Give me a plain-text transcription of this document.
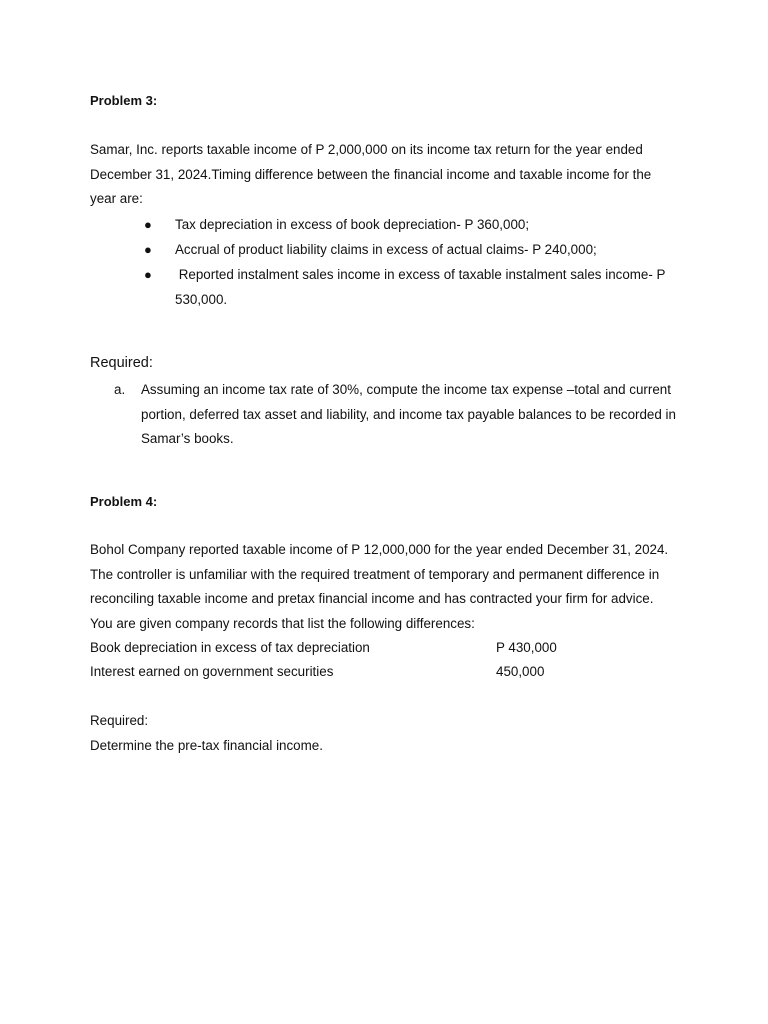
Problem 3:
Samar, Inc. reports taxable income of P 2,000,000 on its income tax return for the year ended December 31, 2024.Timing difference between the financial income and taxable income for the year are:
● Tax depreciation in excess of book depreciation- P 360,000;
● Accrual of product liability claims in excess of actual claims- P 240,000;
● Reported instalment sales income in excess of taxable instalment sales income- P 530,000.
Required:
a. Assuming an income tax rate of 30%, compute the income tax expense –total and current portion, deferred tax asset and liability, and income tax payable balances to be recorded in Samar’s books.
Problem 4:
Bohol Company reported taxable income of P 12,000,000 for the year ended December 31, 2024. The controller is unfamiliar with the required treatment of temporary and permanent difference in reconciling taxable income and pretax financial income and has contracted your firm for advice. You are given company records that list the following differences:
Book depreciation in excess of tax depreciation	P 430,000
Interest earned on government securities	450,000
Required:
Determine the pre-tax financial income.
